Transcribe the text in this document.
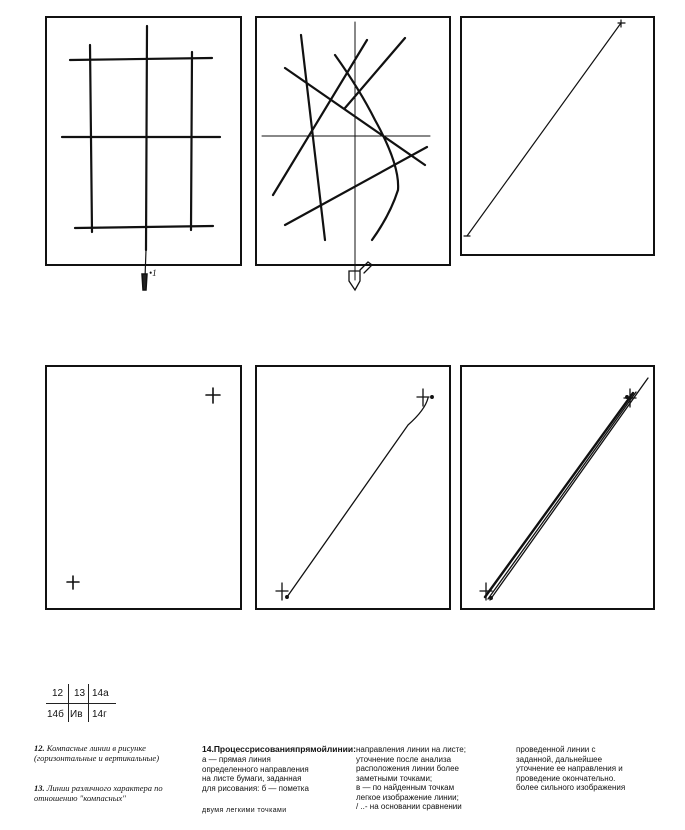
•1
12 13 14а
14б Ив 14г
12. Компасные линии в рисунке (горизонтальные и вертикальные)
13. Линии различного характера по отношению "компасных"
14.Процессрисованияпрямойлинии:
а — прямая линия
определенного направления
на листе бумаги, заданная
для рисования: б — пометка
двумя легкими точками
направления линии на листе;
уточнение после анализа
расположения линии более
заметными точками;
в — по найденным точкам
легкое изображение линии;
/ ..- на основании сравнении
проведенной линии с
заданной, дальнейшее
уточнение ее направления и
проведение окончательно.
более сильного изображения
